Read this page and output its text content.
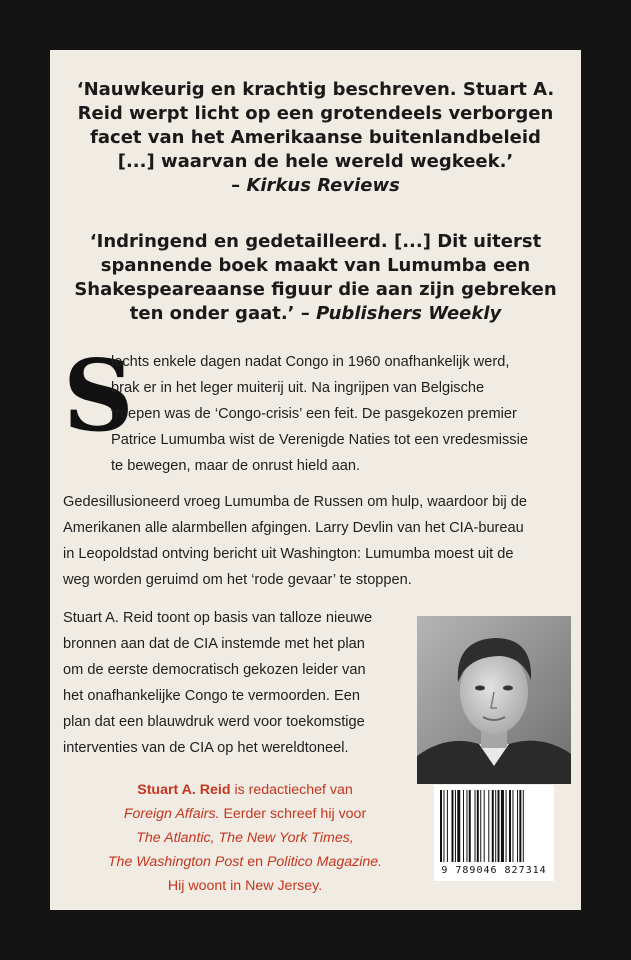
‘Nauwkeurig en krachtig beschreven. Stuart A.
Reid werpt licht op een grotendeels verborgen
facet van het Amerikaanse buitenlandbeleid
[...] waarvan de hele wereld wegkeek.’
– Kirkus Reviews
‘Indringend en gedetailleerd. [...] Dit uiterst
spannende boek maakt van Lumumba een
Shakespeareaanse figuur die aan zijn gebreken
ten onder gaat.’ – Publishers Weekly
S
lechts enkele dagen nadat Congo in 1960 onafhankelijk werd,
brak er in het leger muiterij uit. Na ingrijpen van Belgische
troepen was de ‘Congo-crisis’ een feit. De pasgekozen premier
Patrice Lumumba wist de Verenigde Naties tot een vredesmissie
te bewegen, maar de onrust hield aan.
Gedesillusioneerd vroeg Lumumba de Russen om hulp, waardoor bij de
Amerikanen alle alarmbellen afgingen. Larry Devlin van het CIA-bureau
in Leopoldstad ontving bericht uit Washington: Lumumba moest uit de
weg worden geruimd om het ‘rode gevaar’ te stoppen.
Stuart A. Reid toont op basis van talloze nieuwe
bronnen aan dat de CIA instemde met het plan
om de eerste democratisch gekozen leider van
het onafhankelijke Congo te vermoorden. Een
plan dat een blauwdruk werd voor toekomstige
interventies van de CIA op het wereldtoneel.
Stuart A. Reid is redactiechef van
Foreign Affairs. Eerder schreef hij voor
The Atlantic, The New York Times,
The Washington Post en Politico Magazine.
Hij woont in New Jersey.
9 789046 827314
